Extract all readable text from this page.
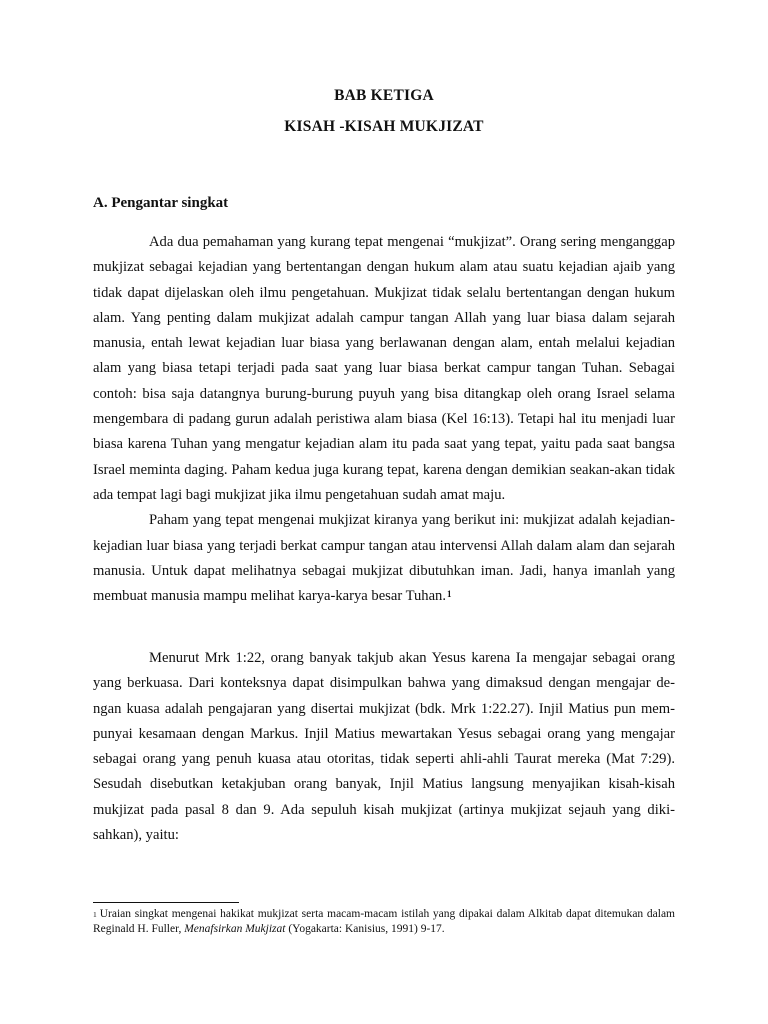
BAB KETIGA
KISAH -KISAH MUKJIZAT
A. Pengantar singkat

Ada dua pemahaman yang kurang tepat mengenai “mukjizat”. Orang sering menganggap mukjizat sebagai kejadian yang bertentangan dengan hukum alam atau suatu kejadian ajaib yang tidak dapat dijelaskan oleh ilmu pengetahuan. Mukjizat tidak selalu bertentangan dengan hukum alam. Yang penting dalam mukjizat adalah campur tangan Allah yang luar biasa dalam sejarah manusia, entah lewat kejadian luar biasa yang berlawanan dengan alam, entah melalui kejadian alam yang biasa tetapi terjadi pada saat yang luar biasa berkat campur tangan Tuhan. Sebagai contoh: bisa saja datangnya burung-burung puyuh yang bisa ditangkap oleh orang Israel selama mengembara di padang gurun adalah peristiwa alam biasa (Kel 16:13). Tetapi hal itu menjadi luar biasa karena Tuhan yang mengatur kejadian alam itu pada saat yang tepat, yaitu pada saat bangsa Israel meminta daging. Paham kedua juga kurang tepat, karena dengan demikian seakan-akan tidak ada tempat lagi bagi mukjizat jika ilmu pengetahuan sudah amat maju.

Paham yang tepat mengenai mukjizat kiranya yang berikut ini: mukjizat adalah kejadian-kejadian luar biasa yang terjadi berkat campur tangan atau intervensi Allah dalam alam dan sejarah manusia. Untuk dapat melihatnya sebagai mukjizat dibutuhkan iman. Jadi, hanya imanlah yang membuat manusia mampu melihat karya-karya besar Tuhan.$^1$

Menurut Mrk 1:22, orang banyak takjub akan Yesus karena Ia mengajar sebagai orang yang berkuasa. Dari konteksnya dapat disimpulkan bahwa yang dimaksud dengan mengajar de-ngan kuasa adalah pengajaran yang disertai mukjizat (bdk. Mrk 1:22.27). Injil Matius pun mem-punyai kesamaan dengan Markus. Injil Matius mewartakan Yesus sebagai orang yang mengajar sebagai orang yang penuh kuasa atau otoritas, tidak seperti ahli-ahli Taurat mereka (Mat 7:29). Sesudah disebutkan ketakjuban orang banyak, Injil Matius langsung menyajikan kisah-kisah mukjizat pada pasal 8 dan 9. Ada sepuluh kisah mukjizat (artinya mukjizat sejauh yang diki-sahkan), yaitu:

$^1$ Uraian singkat mengenai hakikat mukjizat serta macam-macam istilah yang dipakai dalam Alkitab dapat ditemukan dalam Reginald H. Fuller, Menafsirkan Mukjizat (Yogakarta: Kanisius, 1991) 9-17.
